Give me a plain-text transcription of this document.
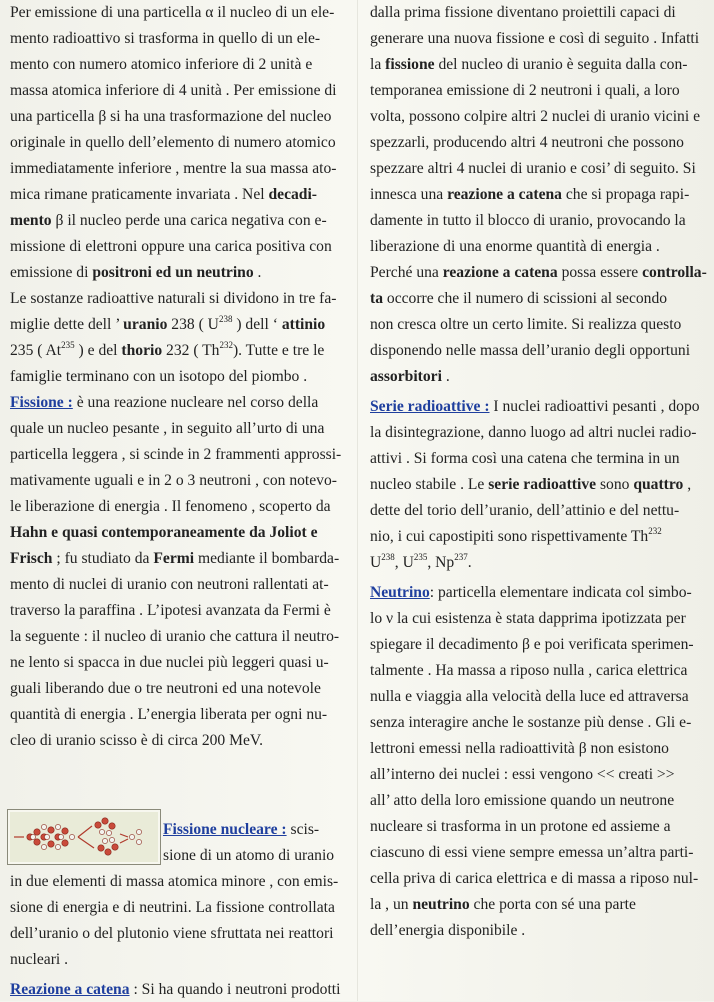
Per emissione di una particella α il nucleo di un ele-
mento radioattivo si trasforma in quello di un ele-
mento con numero atomico inferiore di 2 unità e
massa atomica inferiore di 4 unità . Per emissione di
una particella β si ha una trasformazione del nucleo
originale in quello dell’elemento di numero atomico
immediatamente inferiore , mentre la sua massa ato-
mica rimane praticamente invariata . Nel decadi-
mento β il nucleo perde una carica negativa con e-
missione di elettroni oppure una carica positiva con
emissione di positroni ed un neutrino .
Le sostanze radioattive naturali si dividono in tre fa-
miglie dette dell ’ uranio 238 ( $U^{238}$ ) dell ‘ attinio
235 ( At$^{235}$ ) e del thorio 232 ( Th$^{232}$). Tutte e tre le
famiglie terminano con un isotopo del piombo .
Fissione : è una reazione nucleare nel corso della
quale un nucleo pesante , in seguito all’urto di una
particella leggera , si scinde in 2 frammenti approssi-
mativamente uguali e in 2 o 3 neutroni , con notevo-
le liberazione di energia . Il fenomeno , scoperto da
Hahn e quasi contemporaneamente da Joliot e
Frisch ; fu studiato da Fermi mediante il bombarda-
mento di nuclei di uranio con neutroni rallentati at-
traverso la paraffina . L’ipotesi avanzata da Fermi è
la seguente : il nucleo di uranio che cattura il neutro-
ne lento si spacca in due nuclei più leggeri quasi u-
guali liberando due o tre neutroni ed una notevole
quantità di energia . L’energia liberata per ogni nu-
cleo di uranio scisso è di circa 200 MeV.
Fissione nucleare : scis-
sione di un atomo di uranio
in due elementi di massa atomica minore , con emis-
sione di energia e di neutrini. La fissione controllata
dell’uranio o del plutonio viene sfruttata nei reattori
nucleari .
Reazione a catena : Si ha quando i neutroni prodotti
dalla prima fissione diventano proiettili capaci di
generare una nuova fissione e così di seguito . Infatti
la fissione del nucleo di uranio è seguita dalla con-
temporanea emissione di 2 neutroni i quali, a loro
volta, possono colpire altri 2 nuclei di uranio vicini e
spezzarli, producendo altri 4 neutroni che possono
spezzare altri 4 nuclei di uranio e cosi’ di seguito. Si
innesca una reazione a catena che si propaga rapi-
damente in tutto il blocco di uranio, provocando la
liberazione di una enorme quantità di energia .
Perché una reazione a catena possa essere controlla-
ta occorre che il numero di scissioni al secondo
non cresca oltre un certo limite. Si realizza questo
disponendo nelle massa dell’uranio degli opportuni
assorbitori .
Serie radioattive : I nuclei radioattivi pesanti , dopo
la disintegrazione, danno luogo ad altri nuclei radio-
attivi . Si forma così una catena che termina in un
nucleo stabile . Le serie radioattive sono quattro ,
dette del torio dell’uranio, dell’attinio e del nettu-
nio, i cui capostipiti sono rispettivamente Th$^{232}$
$U^{238}$, $U^{235}$, Np$^{237}$.
Neutrino: particella elementare indicata col simbo-
lo ν la cui esistenza è stata dapprima ipotizzata per
spiegare il decadimento β e poi verificata sperimen-
talmente . Ha massa a riposo nulla , carica elettrica
nulla e viaggia alla velocità della luce ed attraversa
senza interagire anche le sostanze più dense . Gli e-
lettroni emessi nella radioattività β non esistono
all’interno dei nuclei : essi vengono << creati >>
all’ atto della loro emissione quando un neutrone
nucleare si trasforma in un protone ed assieme a
ciascuno di essi viene sempre emessa un’altra parti-
cella priva di carica elettrica e di massa a riposo nul-
la , un neutrino che porta con sé una parte
dell’energia disponibile .
